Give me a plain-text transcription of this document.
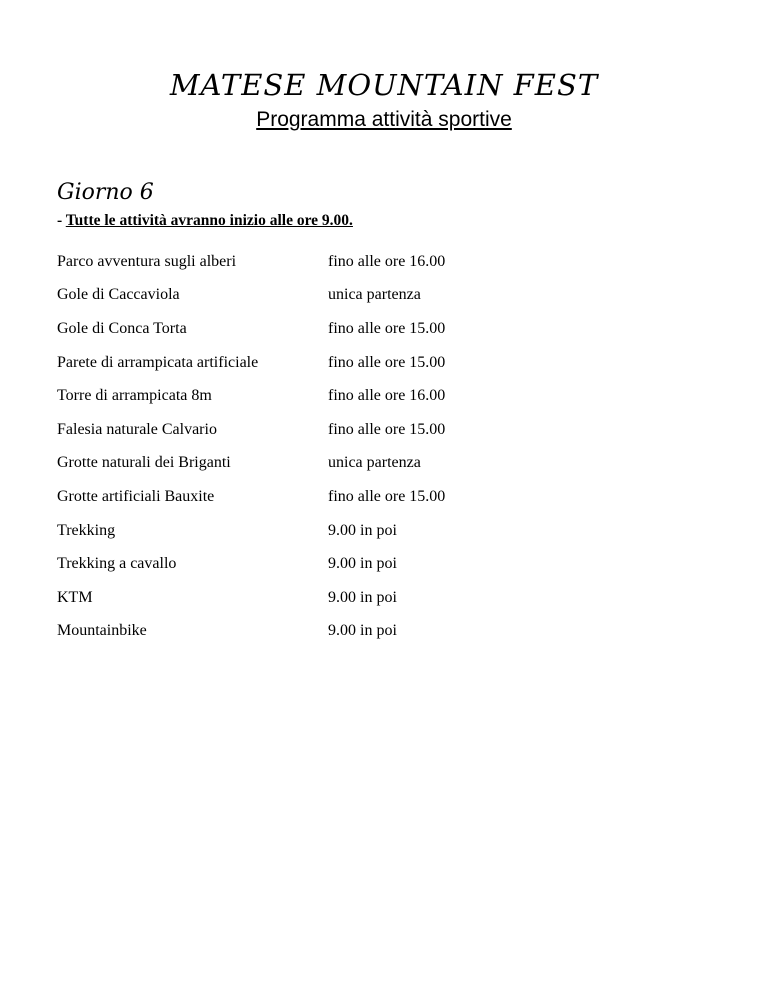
MATESE MOUNTAIN FEST
Programma attività sportive
Giorno 6
- Tutte le attività avranno inizio alle ore 9.00.
Parco avventura sugli alberi	fino alle ore 16.00
Gole di Caccaviola	unica partenza
Gole di Conca Torta	fino alle ore 15.00
Parete di arrampicata artificiale	fino alle ore 15.00
Torre di arrampicata 8m	fino alle ore 16.00
Falesia naturale Calvario	fino alle ore 15.00
Grotte naturali dei Briganti	unica partenza
Grotte artificiali Bauxite	fino alle ore 15.00
Trekking	9.00 in poi
Trekking a cavallo	9.00 in poi
KTM	9.00 in poi
Mountainbike	9.00 in poi
